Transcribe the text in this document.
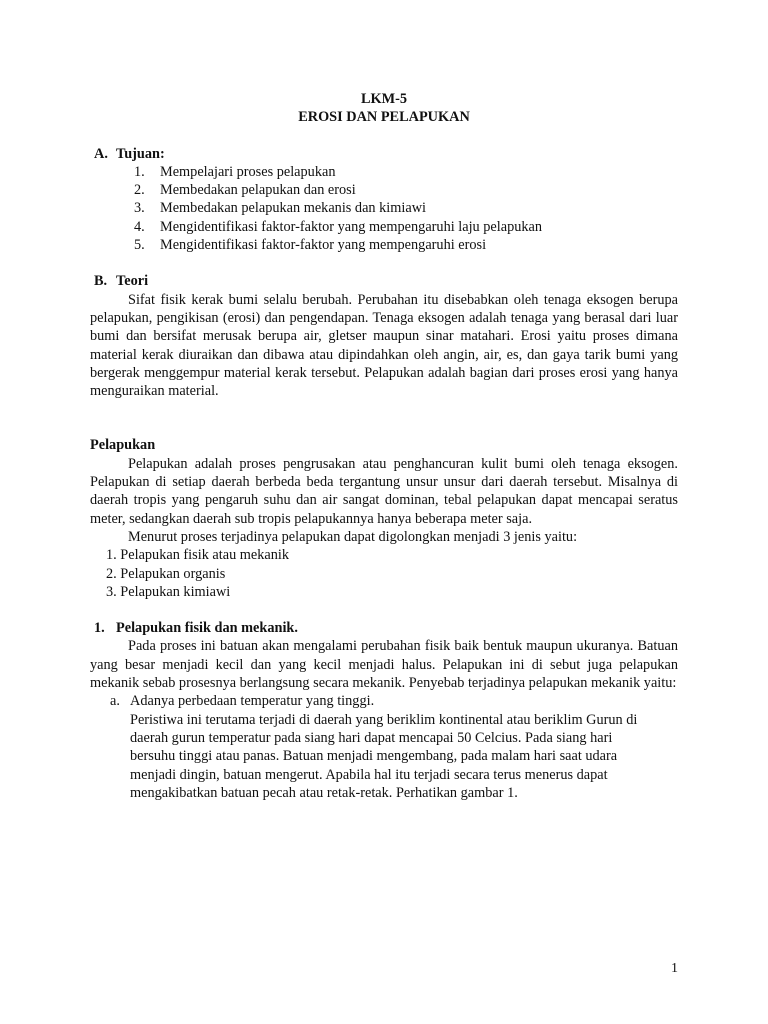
LKM-5
EROSI DAN PELAPUKAN
A. Tujuan:
1. Mempelajari proses pelapukan
2. Membedakan pelapukan dan erosi
3. Membedakan pelapukan mekanis dan kimiawi
4. Mengidentifikasi faktor-faktor yang mempengaruhi laju pelapukan
5. Mengidentifikasi faktor-faktor yang mempengaruhi erosi
B. Teori

Sifat fisik kerak bumi selalu berubah. Perubahan itu disebabkan oleh tenaga eksogen berupa pelapukan, pengikisan (erosi) dan pengendapan. Tenaga eksogen adalah tenaga yang berasal dari luar bumi dan bersifat merusak berupa air, gletser maupun sinar matahari. Erosi yaitu proses dimana material kerak diuraikan dan dibawa atau dipindahkan oleh angin, air, es, dan gaya tarik bumi yang bergerak menggempur material kerak tersebut. Pelapukan adalah bagian dari proses erosi yang hanya menguraikan material.

Pelapukan

Pelapukan adalah proses pengrusakan atau penghancuran kulit bumi oleh tenaga eksogen. Pelapukan di setiap daerah berbeda beda tergantung unsur unsur dari daerah tersebut. Misalnya di daerah tropis yang pengaruh suhu dan air sangat dominan, tebal pelapukan dapat mencapai seratus meter, sedangkan daerah sub tropis pelapukannya hanya beberapa meter saja.

Menurut proses terjadinya pelapukan dapat digolongkan menjadi 3 jenis yaitu:

1. Pelapukan fisik atau mekanik
2. Pelapukan organis
3. Pelapukan kimiawi
1. Pelapukan fisik dan mekanik.

Pada proses ini batuan akan mengalami perubahan fisik baik bentuk maupun ukuranya. Batuan yang besar menjadi kecil dan yang kecil menjadi halus. Pelapukan ini di sebut juga pelapukan mekanik sebab prosesnya berlangsung secara mekanik. Penyebab terjadinya pelapukan mekanik yaitu:

a. Adanya perbedaan temperatur yang tinggi.
Peristiwa ini terutama terjadi di daerah yang beriklim kontinental atau beriklim Gurun di
daerah gurun temperatur pada siang hari dapat mencapai 50 Celcius. Pada siang hari
bersuhu tinggi atau panas. Batuan menjadi mengembang, pada malam hari saat udara
menjadi dingin, batuan mengerut. Apabila hal itu terjadi secara terus menerus dapat
mengakibatkan batuan pecah atau retak-retak. Perhatikan gambar 1.
1
